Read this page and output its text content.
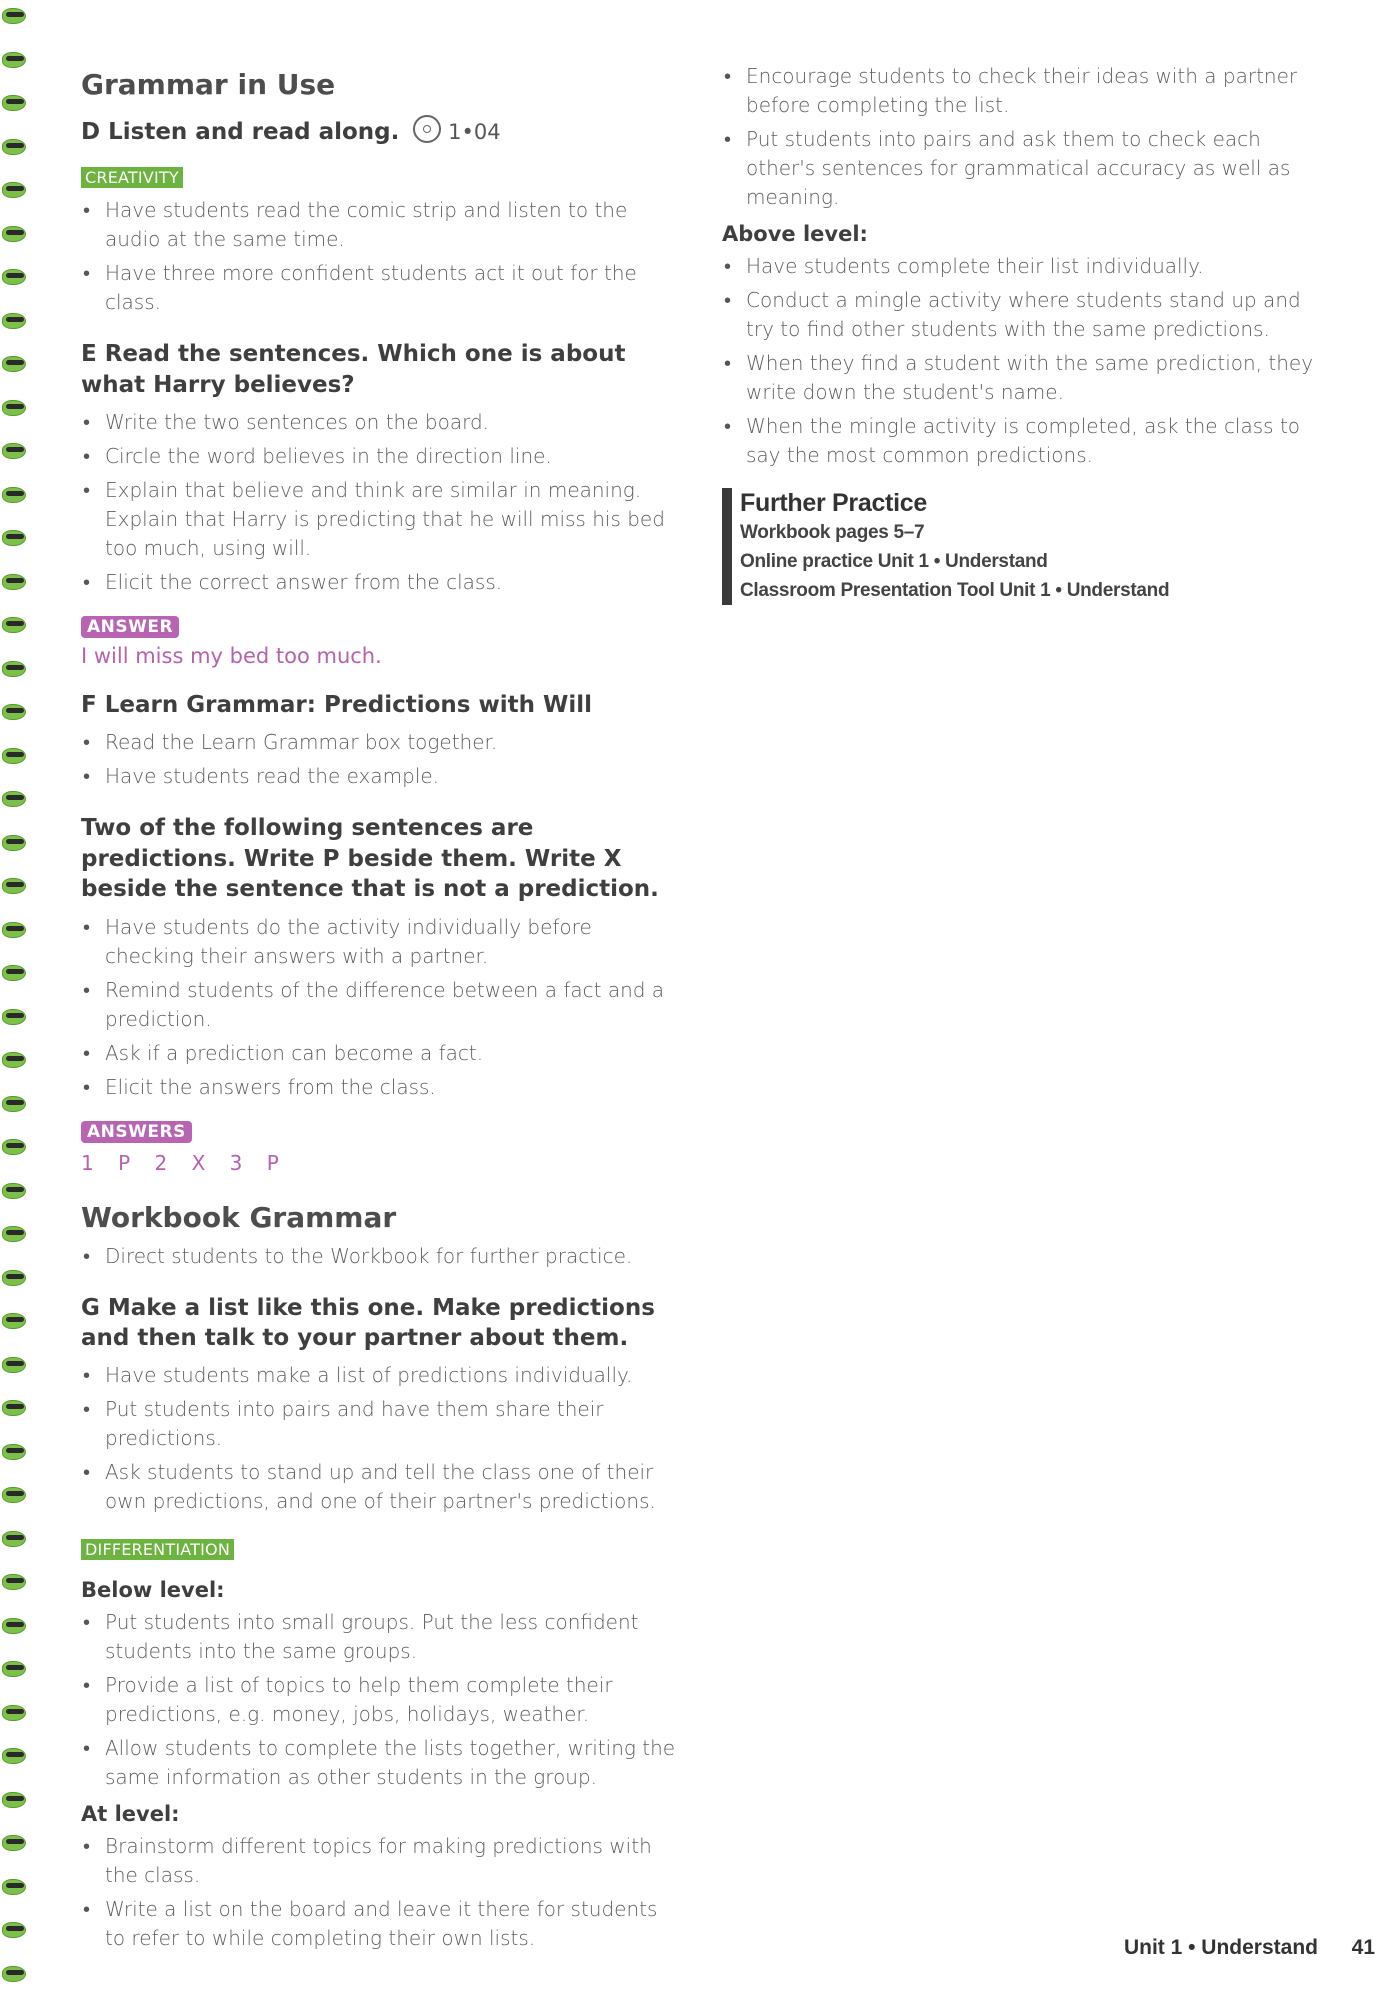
Grammar in Use
D Listen and read along. 1•04
CREATIVITY
• Have students read the comic strip and listen to the audio at the same time.
• Have three more confident students act it out for the class.
E Read the sentences. Which one is about what Harry believes?
• Write the two sentences on the board.
• Circle the word believes in the direction line.
• Explain that believe and think are similar in meaning. Explain that Harry is predicting that he will miss his bed too much, using will.
• Elicit the correct answer from the class.
ANSWER
I will miss my bed too much.
F Learn Grammar: Predictions with Will
• Read the Learn Grammar box together.
• Have students read the example.
Two of the following sentences are predictions. Write P beside them. Write X beside the sentence that is not a prediction.
• Have students do the activity individually before checking their answers with a partner.
• Remind students of the difference between a fact and a prediction.
• Ask if a prediction can become a fact.
• Elicit the answers from the class.
ANSWERS
1 P 2 X 3 P
Workbook Grammar
• Direct students to the Workbook for further practice.
G Make a list like this one. Make predictions and then talk to your partner about them.
• Have students make a list of predictions individually.
• Put students into pairs and have them share their predictions.
• Ask students to stand up and tell the class one of their own predictions, and one of their partner's predictions.
DIFFERENTIATION
Below level:
• Put students into small groups. Put the less confident students into the same groups.
• Provide a list of topics to help them complete their predictions, e.g. money, jobs, holidays, weather.
• Allow students to complete the lists together, writing the same information as other students in the group.
At level:
• Brainstorm different topics for making predictions with the class.
• Write a list on the board and leave it there for students to refer to while completing their own lists.
• Encourage students to check their ideas with a partner before completing the list.
• Put students into pairs and ask them to check each other's sentences for grammatical accuracy as well as meaning.
Above level:
• Have students complete their list individually.
• Conduct a mingle activity where students stand up and try to find other students with the same predictions.
• When they find a student with the same prediction, they write down the student's name.
• When the mingle activity is completed, ask the class to say the most common predictions.
Further Practice
Workbook pages 5–7
Online practice Unit 1 • Understand
Classroom Presentation Tool Unit 1 • Understand
Unit 1 • Understand 41
